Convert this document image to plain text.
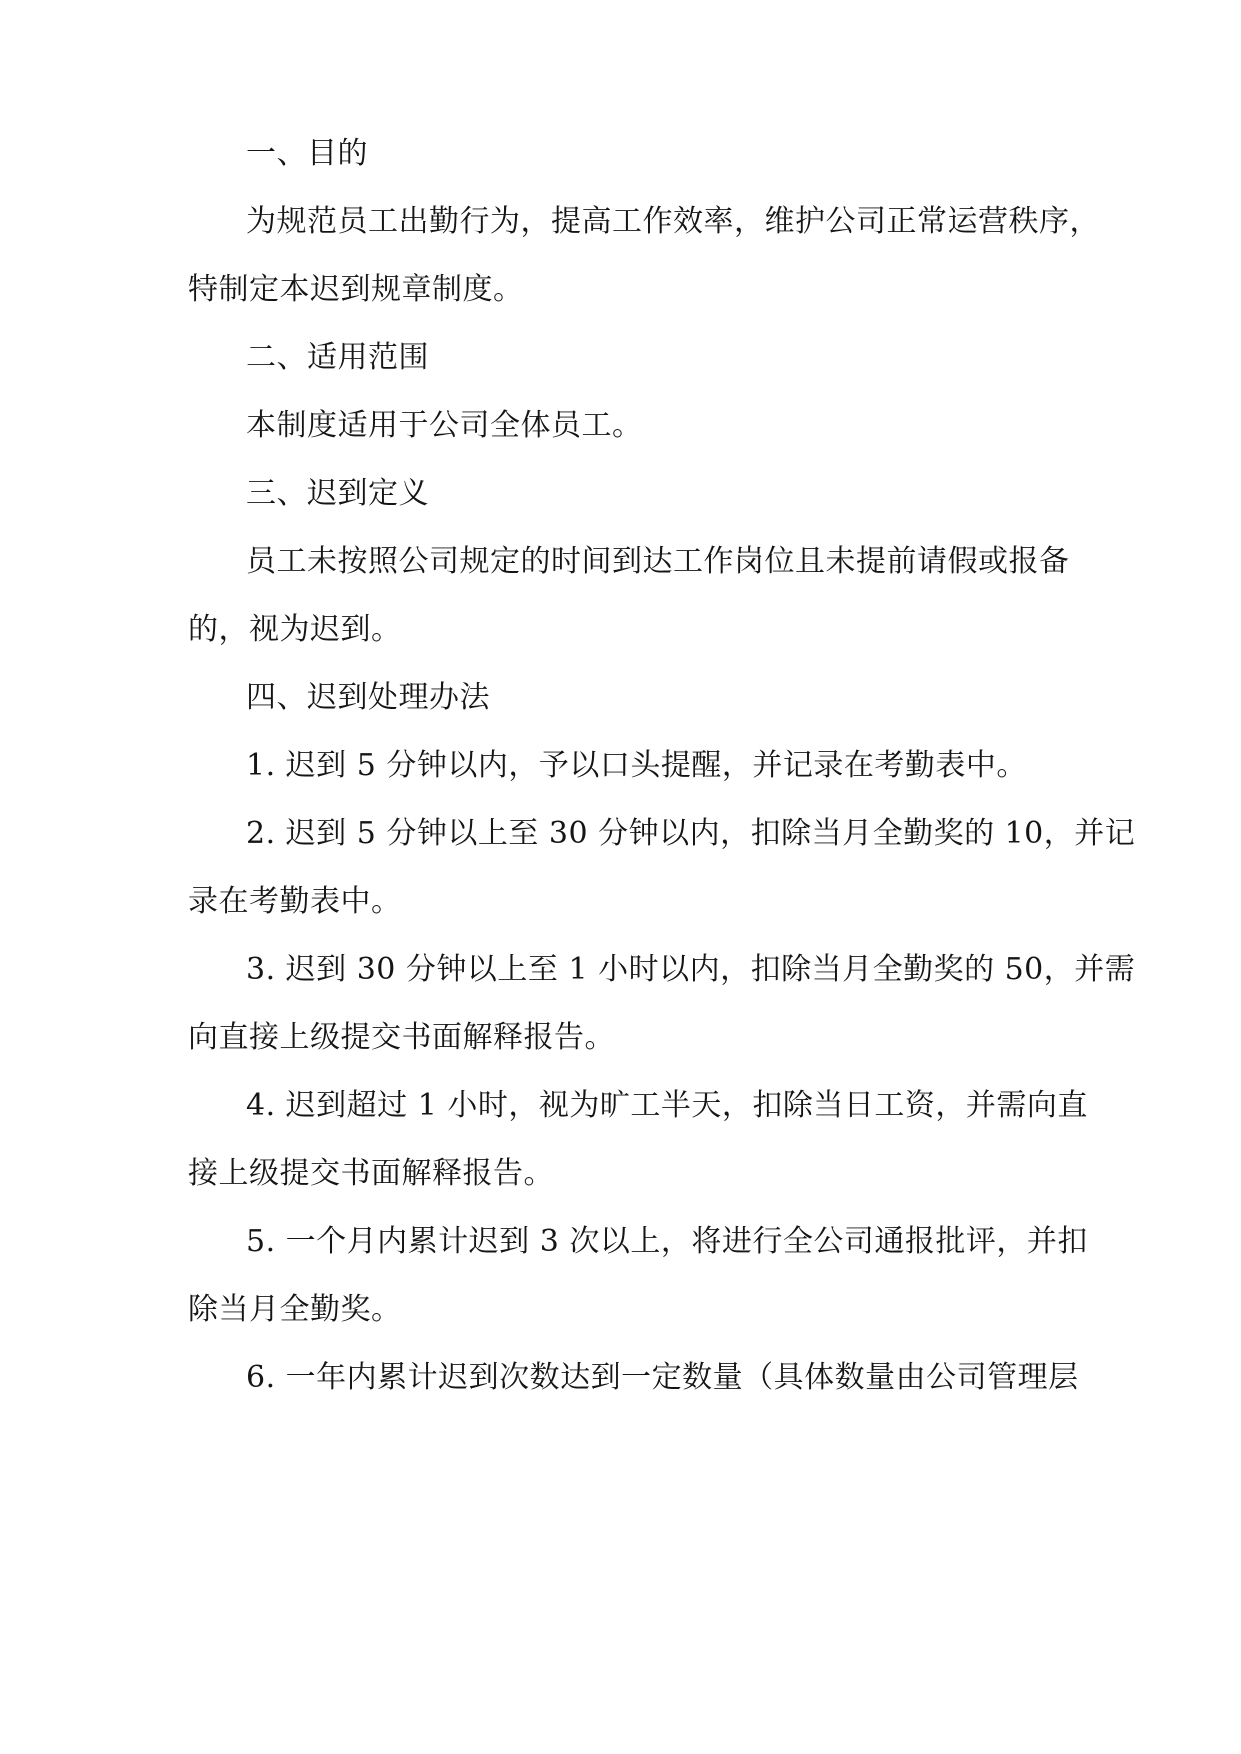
一、目的
为规范员工出勤行为，提高工作效率，维护公司正常运营秩序，
特制定本迟到规章制度。
二、适用范围
本制度适用于公司全体员工。
三、迟到定义
员工未按照公司规定的时间到达工作岗位且未提前请假或报备
的，视为迟到。
四、迟到处理办法
1. 迟到 5 分钟以内，予以口头提醒，并记录在考勤表中。
2. 迟到 5 分钟以上至 30 分钟以内，扣除当月全勤奖的 10，并记
录在考勤表中。
3. 迟到 30 分钟以上至 1 小时以内，扣除当月全勤奖的 50，并需
向直接上级提交书面解释报告。
4. 迟到超过 1 小时，视为旷工半天，扣除当日工资，并需向直
接上级提交书面解释报告。
5. 一个月内累计迟到 3 次以上，将进行全公司通报批评，并扣
除当月全勤奖。
6. 一年内累计迟到次数达到一定数量（具体数量由公司管理层
